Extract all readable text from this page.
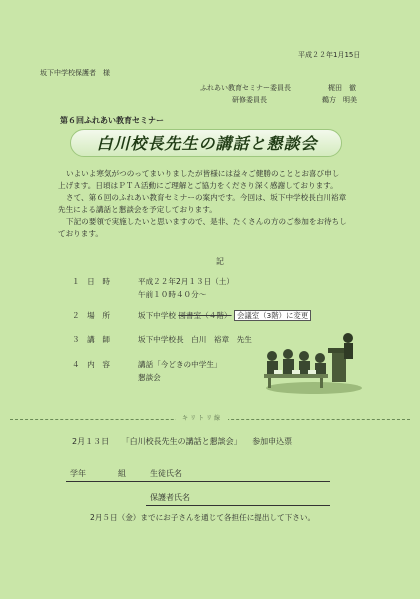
平成２２年1月15日
坂下中学校保護者　様
ふれあい教育セミナー委員長	梶田　徹
研修委員長	鵜方　明美
第６回ふれあい教育セミナー
白川校長先生の講話と懇談会

いよいよ寒気がつのってまいりましたが皆様には益々ご健勝のこととお喜び申し

上げます。日頃はＰＴＡ活動にご理解とご協力をくださり深く感謝しております。

さて、第６回のふれあい教育セミナーの案内です。今回は、坂下中学校長白川裕章

先生による講話と懇談会を予定しております。

下記の要領で実施したいと思いますので、是非、たくさんの方のご参加をお待ちし

ております。

記
１　日　時	平成２２年2月１３日（土）
午前１０時４０分～
２　場　所	坂下中学校 図書室（４階） 会議室（3階）に変更
３　講　師	坂下中学校長　白川　裕章　先生
４　内　容	講話「今どきの中学生」
懇談会
キリトリ線
2月１３日 「白川校長先生の講話と懇談会」 参加申込票
学年	組	生徒氏名
保護者氏名
2月５日（金）までにお子さんを通じて各担任に提出して下さい。
